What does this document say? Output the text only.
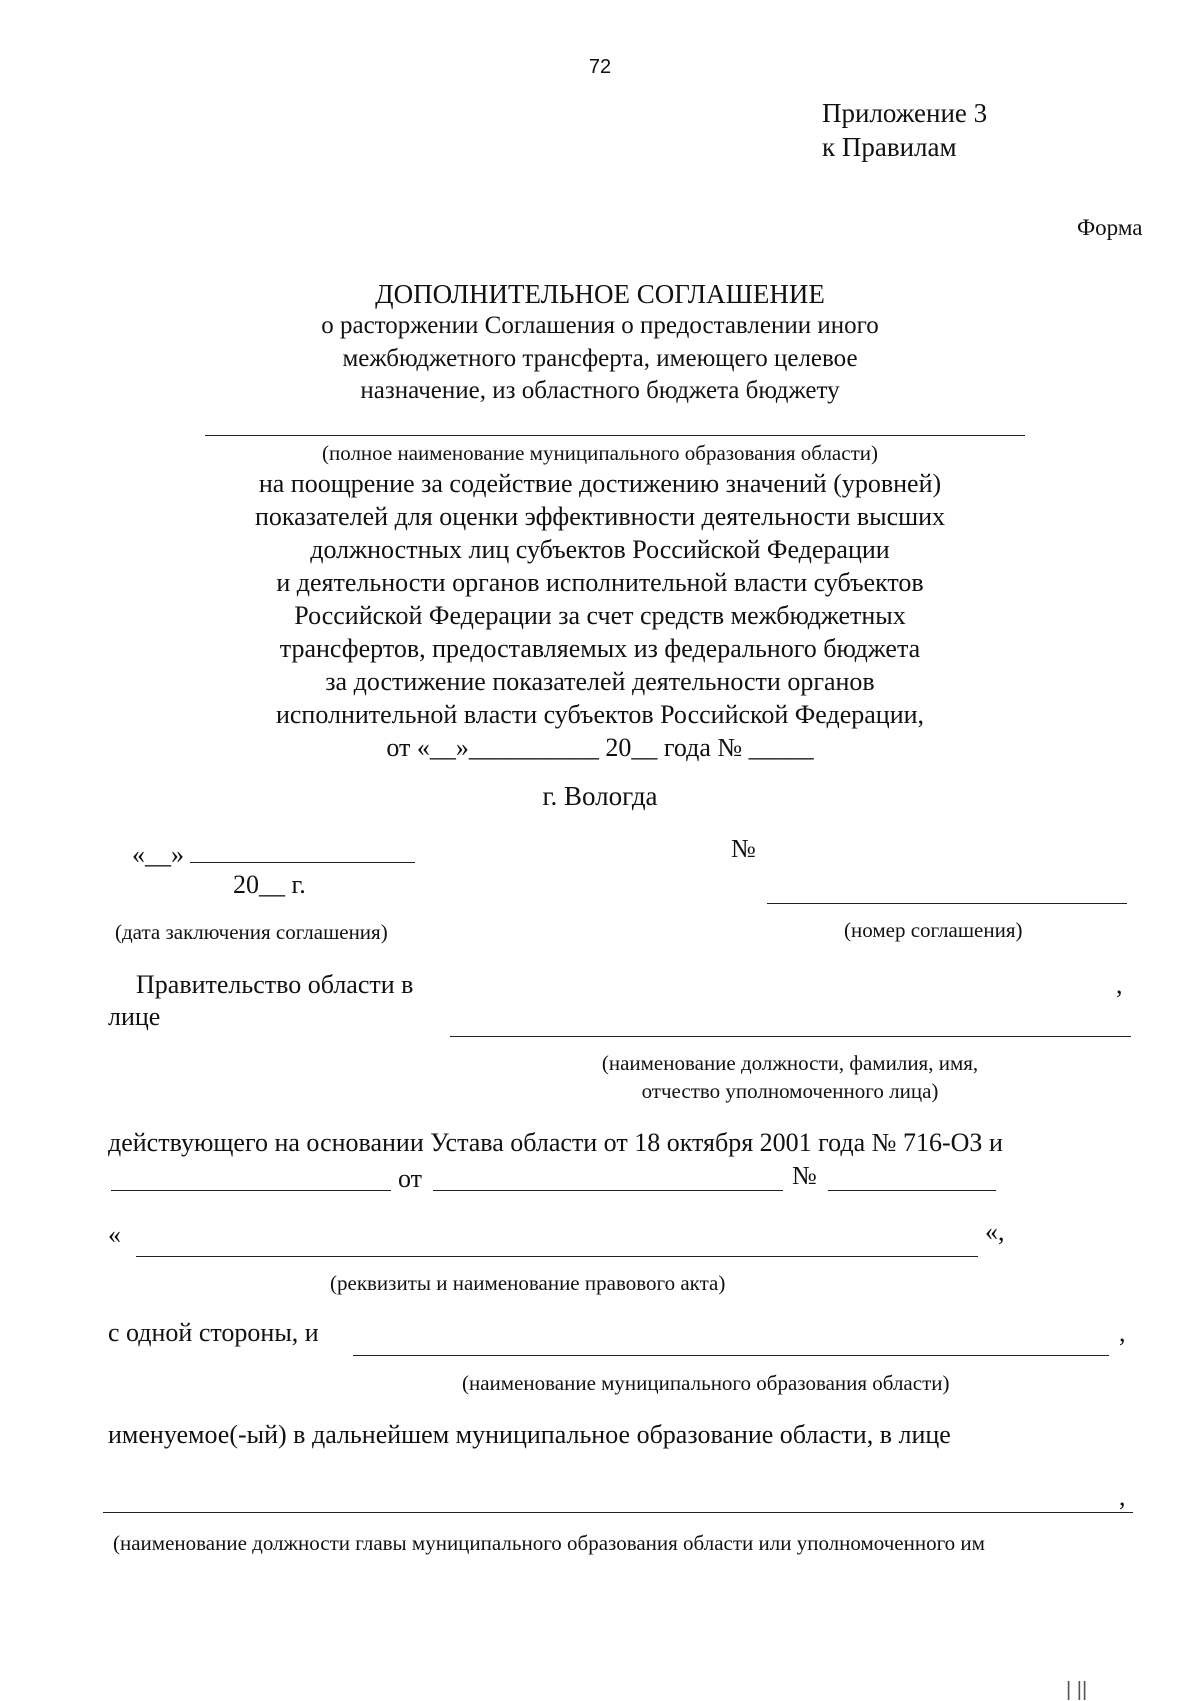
72
Приложение 3
к Правилам
Форма
ДОПОЛНИТЕЛЬНОЕ СОГЛАШЕНИЕ
о расторжении Соглашения о предоставлении иного
межбюджетного трансферта, имеющего целевое
назначение, из областного бюджета бюджету
(полное наименование муниципального образования области)
на поощрение за содействие достижению значений (уровней)
показателей для оценки эффективности деятельности высших
должностных лиц субъектов Российской Федерации
и деятельности органов исполнительной власти субъектов
Российской Федерации за счет средств межбюджетных
трансфертов, предоставляемых из федерального бюджета
за достижение показателей деятельности органов
исполнительной власти субъектов Российской Федерации,
от «__»__________ 20__ года № _____
г. Вологда
«__»
20__ г.
№
(дата заключения соглашения)	(номер соглашения)
Правительство области в
лице
,
(наименование должности, фамилия, имя,
отчество уполномоченного лица)
действующего на основании Устава области от 18 октября 2001 года № 716-ОЗ и
от	№
«	«,
(реквизиты и наименование правового акта)
с одной стороны, и	,
(наименование муниципального образования области)
именуемое(-ый) в дальнейшем муниципальное образование области, в лице
,
(наименование должности главы муниципального образования области или уполномоченного им
| ||
